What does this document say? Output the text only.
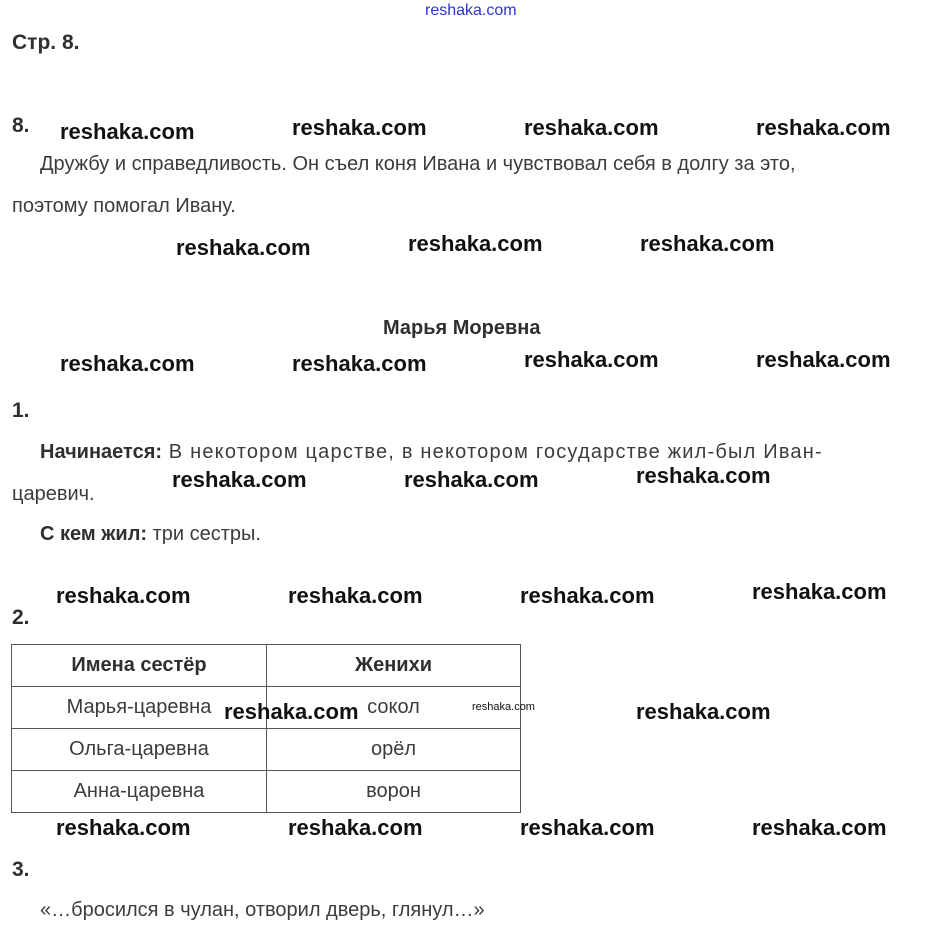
reshaka.com
Стр. 8.
8.
Дружбу и справедливость. Он съел коня Ивана и чувствовал себя в долгу за это,
поэтому помогал Ивану.
Марья Моревна
1.
Начинается: В некотором царстве, в некотором государстве жил-был Иван-
царевич.
С кем жил: три сестры.
2.
Имена сестёр	Женихи
Марья-царевна	сокол
Ольга-царевна	орёл
Анна-царевна	ворон
3.
«…бросился в чулан, отворил дверь, глянул…»
reshaka.com	reshaka.com	reshaka.com	reshaka.com
reshaka.com	reshaka.com	reshaka.com
reshaka.com	reshaka.com	reshaka.com	reshaka.com
reshaka.com	reshaka.com	reshaka.com
reshaka.com	reshaka.com	reshaka.com	reshaka.com
reshaka.com	reshaka.com	reshaka.com
reshaka.com	reshaka.com	reshaka.com	reshaka.com
